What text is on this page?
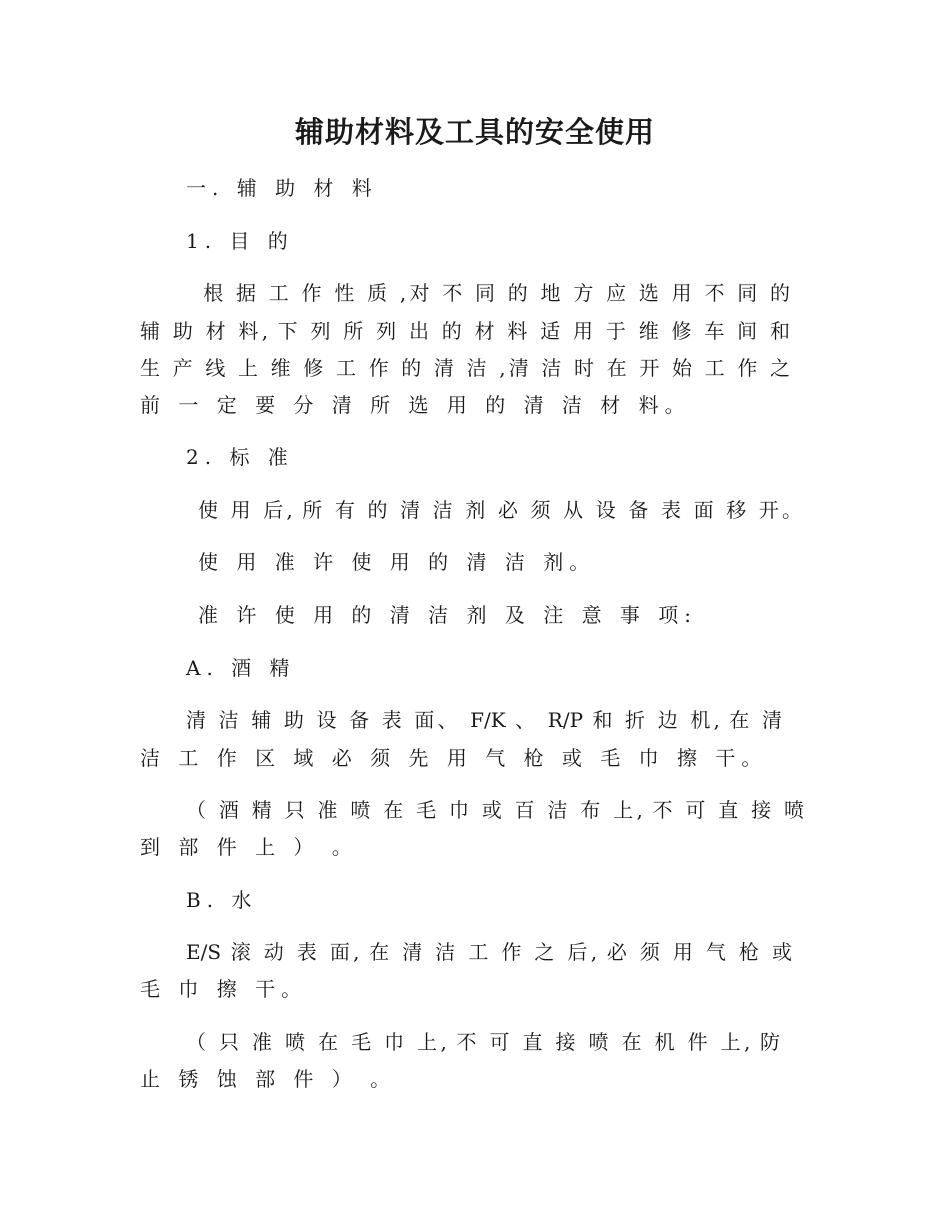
辅助材料及工具的安全使用

一. 辅 助 材 料

1. 目 的

　根 据 工 作 性 质 ,对 不 同 的 地 方 应 选 用 不 同 的

辅 助 材 料, 下 列 所 列 出 的 材 料 适 用 于 维 修 车 间 和

生 产 线 上 维 修 工 作 的 清 洁 ,清 洁 时 在 开 始 工 作 之

前 一 定 要 分 清 所 选 用 的 清 洁 材 料。

2. 标 准

使 用 后, 所 有 的 清 洁 剂 必 须 从 设 备 表 面 移 开。

使 用 准 许 使 用 的 清 洁 剂。

准 许 使 用 的 清 洁 剂 及 注 意 事 项:

A. 酒 精

清 洁 辅 助 设 备 表 面、 F/K 、 R/P 和 折 边 机, 在 清

洁 工 作 区 域 必 须 先 用 气 枪 或 毛 巾 擦 干。

（ 酒 精 只 准 喷 在 毛 巾 或 百 洁 布 上, 不 可 直 接 喷

到 部 件 上 ） 。

B. 水

E/S 滚 动 表 面, 在 清 洁 工 作 之 后, 必 须 用 气 枪 或

毛 巾 擦 干。

（ 只 准 喷 在 毛 巾 上, 不 可 直 接 喷 在 机 件 上, 防

止 锈 蚀 部 件 ） 。
